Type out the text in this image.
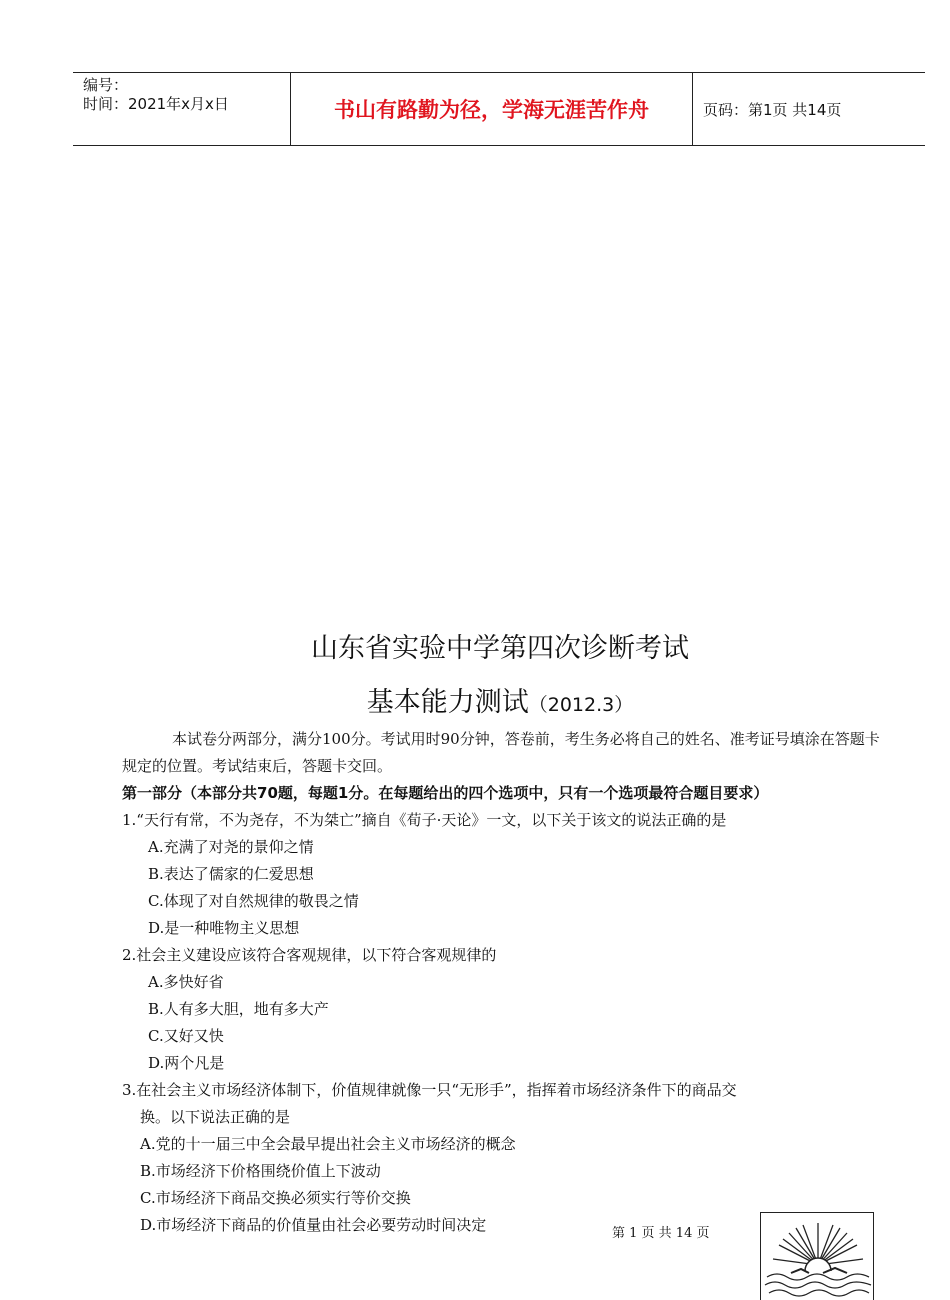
编号：
时间：2021年x月x日	书山有路勤为径，学海无涯苦作舟	页码：第1页 共14页
山东省实验中学第四次诊断考试
基本能力测试（2012.3）

本试卷分两部分，满分100分。考试用时90分钟，答卷前，考生务必将自己的姓名、准考证号填涂在答题卡规定的位置。考试结束后，答题卡交回。

第一部分（本部分共70题，每题1分。在每题给出的四个选项中，只有一个选项最符合题目要求）

1.“天行有常，不为尧存，不为桀亡”摘自《荀子·天论》一文，以下关于该文的说法正确的是

A.充满了对尧的景仰之情
B.表达了儒家的仁爱思想
C.体现了对自然规律的敬畏之情
D.是一种唯物主义思想

2.社会主义建设应该符合客观规律，以下符合客观规律的

A.多快好省
B.人有多大胆，地有多大产
C.又好又快
D.两个凡是

3.在社会主义市场经济体制下，价值规律就像一只“无形手”，指挥着市场经济条件下的商品交

换。以下说法正确的是

A.党的十一届三中全会最早提出社会主义市场经济的概念

B.市场经济下价格围绕价值上下波动

C.市场经济下商品交换必须实行等价交换

D.市场经济下商品的价值量由社会必要劳动时间决定	第 1 页 共 14 页
